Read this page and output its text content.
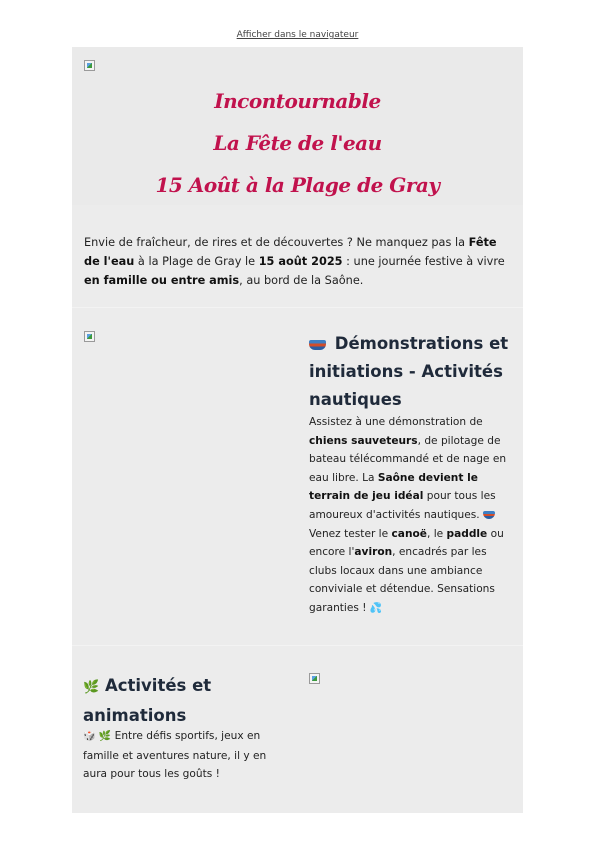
Afficher dans le navigateur
Incontournable
La Fête de l'eau
15 Août à la Plage de Gray
Envie de fraîcheur, de rires et de découvertes ? Ne manquez pas la Fête de l'eau à la Plage de Gray le 15 août 2025 : une journée festive à vivre en famille ou entre amis, au bord de la Saône.
Démonstrations et initiations - Activités nautiques
Assistez à une démonstration de chiens sauveteurs, de pilotage de bateau télécommandé et de nage en eau libre. La Saône devient le terrain de jeu idéal pour tous les amoureux d'activités nautiques.  Venez tester le canoë, le paddle ou encore l'aviron, encadrés par les clubs locaux dans une ambiance conviviale et détendue. Sensations garanties ! 💦
🌿 Activités et animations
🎲 🌿 Entre défis sportifs, jeux en famille et aventures nature, il y en aura pour tous les goûts !
